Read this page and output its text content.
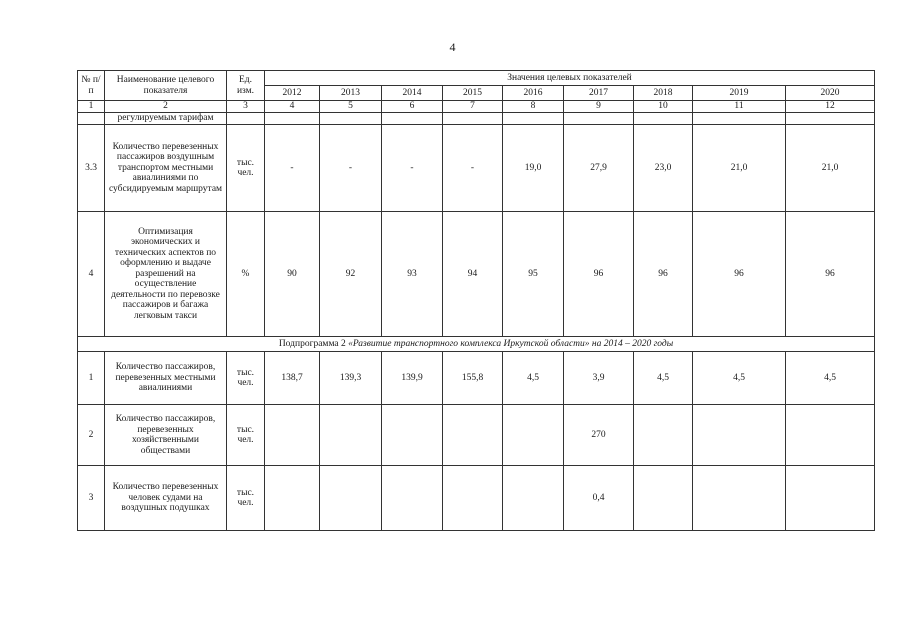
4
№ п/п	Наименование целевого показателя	Ед. изм.	Значения целевых показателей								
			2012	2013	2014	2015	2016	2017	2018	2019	2020
1	2	3	4	5	6	7	8	9	10	11	12
	регулируемым тарифам										
3.3	Количество перевезенных пассажиров воздушным транспортом местными авиалиниями по субсидируемым маршрутам	тыс. чел.	-	-	-	-	19,0	27,9	23,0	21,0	21,0
4	Оптимизация экономических и технических аспектов по оформлению и выдаче разрешений на осуществление деятельности по перевозке пассажиров и багажа легковым такси	%	90	92	93	94	95	96	96	96	96
Подпрограмма 2 «Развитие транспортного комплекса Иркутской области» на 2014 – 2020 годы											
1	Количество пассажиров, перевезенных местными авиалиниями	тыс. чел.	138,7	139,3	139,9	155,8	4,5	3,9	4,5	4,5	4,5
2	Количество пассажиров, перевезенных хозяйственными обществами	тыс. чел.						270			
3	Количество перевезенных человек судами на воздушных подушках	тыс. чел.						0,4			
